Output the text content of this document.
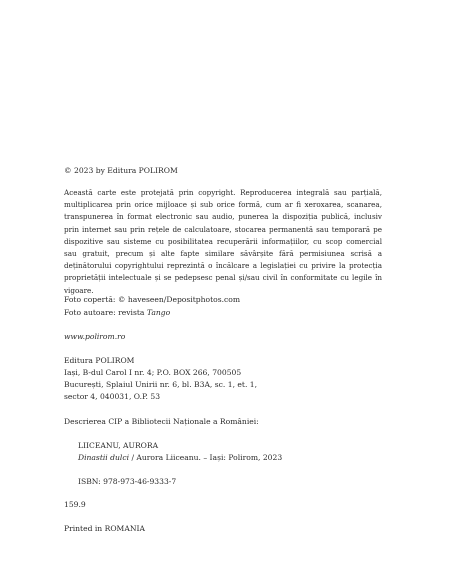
© 2023 by Editura POLIROM

Această carte este protejată prin copyright. Reproducerea integrală sau parțială, multiplicarea prin orice mijloace și sub orice formă, cum ar fi xeroxarea, scanarea, transpunerea în format electronic sau audio, punerea la dispoziția publică, inclusiv prin internet sau prin rețele de calculatoare, stocarea permanentă sau temporară pe dispozitive sau sisteme cu posibilitatea recuperării informațiilor, cu scop comercial sau gratuit, precum și alte fapte similare săvârșite fără permisiunea scrisă a deținătorului copyrightului reprezintă o încălcare a legislației cu privire la protecția proprietății intelectuale și se pedepsesc penal și/sau civil în conformitate cu legile în vigoare.

Foto copertă: © haveseen/Depositphotos.com

Foto autoare: revista Tango

www.polirom.ro

Editura POLIROM
Iași, B-dul Carol I nr. 4; P.O. BOX 266, 700505
București, Splaiul Unirii nr. 6, bl. B3A, sc. 1, et. 1,
sector 4, 040031, O.P. 53

Descrierea CIP a Bibliotecii Naționale a României:

LIICEANU, AURORA

Dinastii dulci / Aurora Liiceanu. – Iași: Polirom, 2023

ISBN: 978-973-46-9333-7

159.9

Printed in ROMANIA
